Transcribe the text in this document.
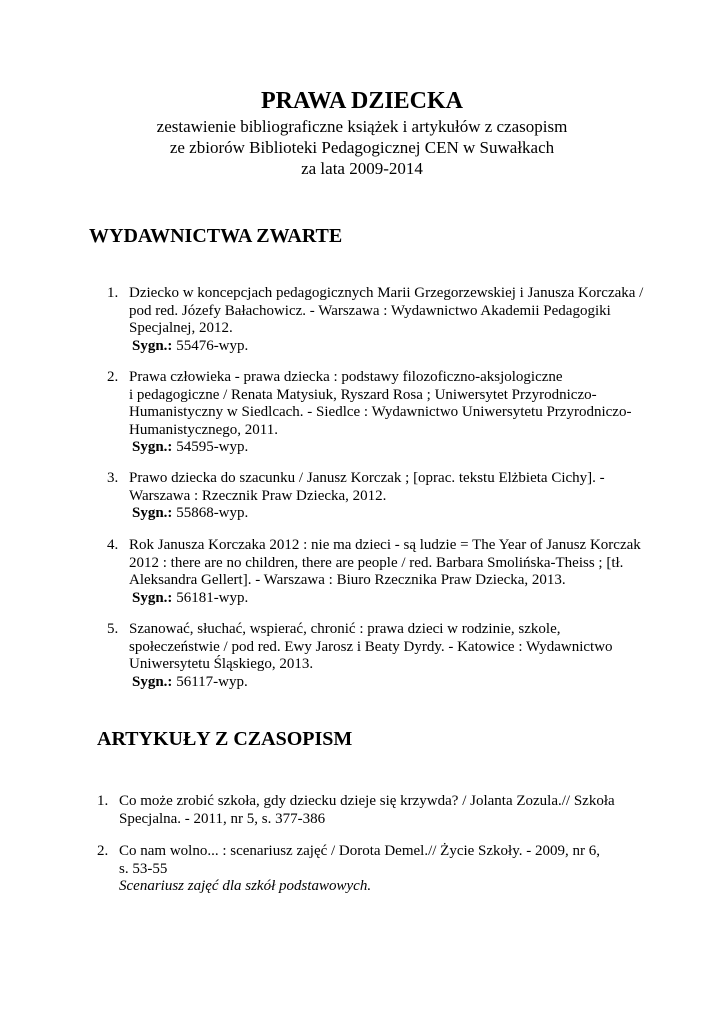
PRAWA DZIECKA

zestawienie bibliograficzne książek i artykułów z czasopism

ze zbiorów Biblioteki Pedagogicznej CEN w Suwałkach

za lata 2009-2014

WYDAWNICTWA ZWARTE
1. Dziecko w koncepcjach pedagogicznych Marii Grzegorzewskiej i Janusza Korczaka /
pod red. Józefy Bałachowicz. - Warszawa : Wydawnictwo Akademii Pedagogiki
Specjalnej, 2012.
Sygn.: 55476-wyp.
2. Prawa człowieka - prawa dziecka : podstawy filozoficzno-aksjologiczne
i pedagogiczne / Renata Matysiuk, Ryszard Rosa ; Uniwersytet Przyrodniczo-
Humanistyczny w Siedlcach. - Siedlce : Wydawnictwo Uniwersytetu Przyrodniczo-
Humanistycznego, 2011.
Sygn.: 54595-wyp.
3. Prawo dziecka do szacunku / Janusz Korczak ; [oprac. tekstu Elżbieta Cichy]. -
Warszawa : Rzecznik Praw Dziecka, 2012.
Sygn.: 55868-wyp.
4. Rok Janusza Korczaka 2012 : nie ma dzieci - są ludzie = The Year of Janusz Korczak
2012 : there are no children, there are people / red. Barbara Smolińska-Theiss ; [tł.
Aleksandra Gellert]. - Warszawa : Biuro Rzecznika Praw Dziecka, 2013.
Sygn.: 56181-wyp.
5. Szanować, słuchać, wspierać, chronić : prawa dzieci w rodzinie, szkole,
społeczeństwie / pod red. Ewy Jarosz i Beaty Dyrdy. - Katowice : Wydawnictwo
Uniwersytetu Śląskiego, 2013.
Sygn.: 56117-wyp.
ARTYKUŁY Z CZASOPISM
1. Co może zrobić szkoła, gdy dziecku dzieje się krzywda? / Jolanta Zozula.// Szkoła
Specjalna. - 2011, nr 5, s. 377-386
2. Co nam wolno... : scenariusz zajęć / Dorota Demel.// Życie Szkoły. - 2009, nr 6,
s. 53-55
Scenariusz zajęć dla szkół podstawowych.
